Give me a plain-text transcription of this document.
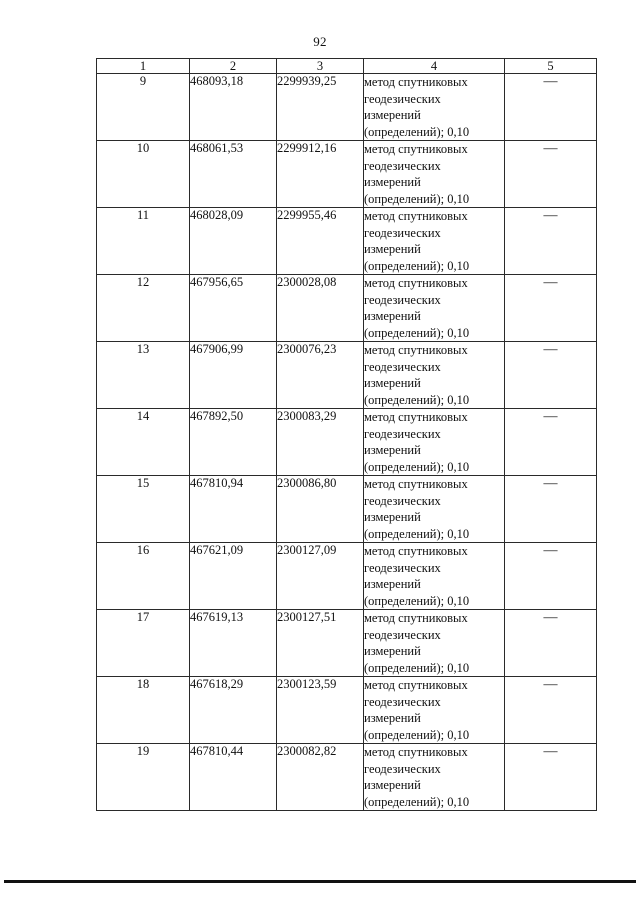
92
1	2	3	4	5
9	468093,18	2299939,25	метод спутниковых
геодезических
измерений
(определений); 0,10	—
10	468061,53	2299912,16	метод спутниковых
геодезических
измерений
(определений); 0,10	—
11	468028,09	2299955,46	метод спутниковых
геодезических
измерений
(определений); 0,10	—
12	467956,65	2300028,08	метод спутниковых
геодезических
измерений
(определений); 0,10	—
13	467906,99	2300076,23	метод спутниковых
геодезических
измерений
(определений); 0,10	—
14	467892,50	2300083,29	метод спутниковых
геодезических
измерений
(определений); 0,10	—
15	467810,94	2300086,80	метод спутниковых
геодезических
измерений
(определений); 0,10	—
16	467621,09	2300127,09	метод спутниковых
геодезических
измерений
(определений); 0,10	—
17	467619,13	2300127,51	метод спутниковых
геодезических
измерений
(определений); 0,10	—
18	467618,29	2300123,59	метод спутниковых
геодезических
измерений
(определений); 0,10	—
19	467810,44	2300082,82	метод спутниковых
геодезических
измерений
(определений); 0,10	—
